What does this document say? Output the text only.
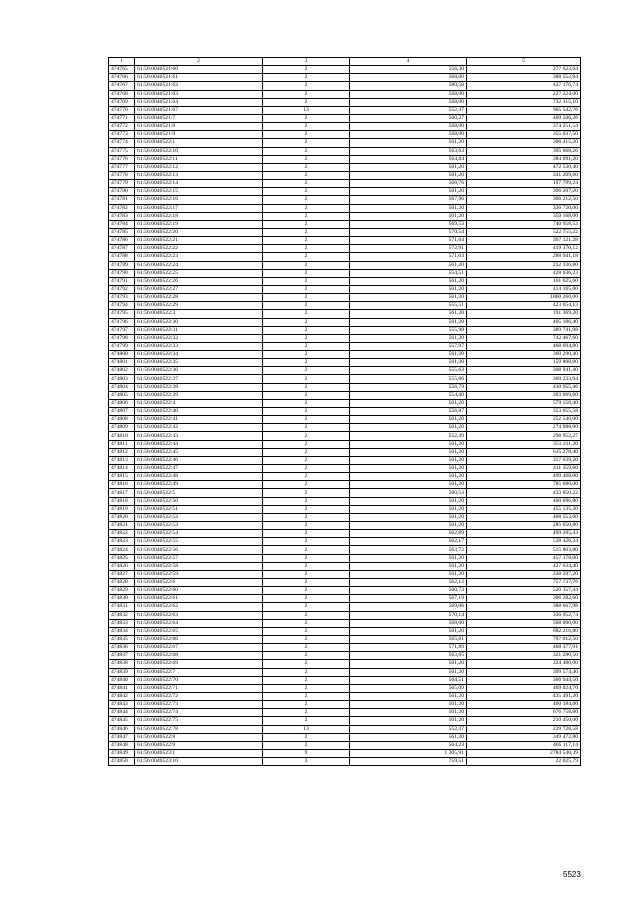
1	2	3	4	5
474765	61:56:0040521:60	2	556,30	277 623,64
474766	61:56:0040521:61	2	568,00	388 552,84
474767	61:56:0040521:62	2	580,58	437 176,74
474768	61:56:0040521:63	2	568,00	227 224,00
474769	61:56:0040521:64	2	568,00	732 315,10
474770	61:56:0040521:67	13	552,37	965 542,76
474771	61:56:0040521:7	2	560,27	469 506,26
474772	61:56:0040521:8	2	568,00	374 251,54
474773	61:56:0040521:9	2	568,00	355 037,50
474774	61:56:0040522:1	2	561,20	306 415,20
474775	61:56:0040522:10	2	563,63	395 668,26
474776	61:56:0040522:11	2	564,84	384 091,20
474777	61:56:0040522:12	2	561,20	472 530,40
474778	61:56:0040522:13	2	561,20	341 209,60
474779	61:56:0040522:14	2	566,76	197 799,24
474780	61:56:0040522:15	2	561,20	396 207,20
474781	61:56:0040522:16	2	567,96	366 212,50
474782	61:56:0040522:17	2	561,20	336 720,00
474783	61:56:0040522:18	2	561,20	359 168,00
474784	61:56:0040522:19	2	569,53	740 958,53
474785	61:56:0040522:20	2	570,54	522 755,22
474786	61:56:0040522:21	2	571,64	367 121,28
474787	61:56:0040522:22	2	572,91	419 370,12
474788	61:56:0040522:23	2	571,03	288 941,18
474789	61:56:0040522:24	2	561,20	232 336,80
474790	61:56:0040522:25	2	554,51	428 636,23
474791	61:56:0040522:26	2	561,20	161 625,60
474792	61:56:0040522:27	2	561,20	414 165,60
474793	61:56:0040522:28	2	561,20	1060 260,00
474794	61:56:0040522:29	2	555,51	423 654,13
474795	61:56:0040522:3	2	561,20	191 369,20
474796	61:56:0040522:30	2	561,20	405 186,40
474797	61:56:0040522:31	2	555,98	389 741,98
474798	61:56:0040522:32	2	561,20	742 467,60
474799	61:56:0040522:33	2	557,97	468 694,80
474800	61:56:0040522:34	2	561,20	360 290,40
474801	61:56:0040522:35	2	561,20	159 808,00
474802	61:56:0040522:36	2	555,63	308 941,40
474803	61:56:0040522:37	2	555,06	360 233,94
474804	61:56:0040522:38	2	556,79	430 955,46
474805	61:56:0040522:39	2	554,40	393 069,60
474806	61:56:0040522:4	2	561,20	579 158,40
474807	61:56:0040522:40	2	556,87	353 055,58
474808	61:56:0040522:41	2	561,20	252 540,00
474809	61:56:0040522:42	2	561,20	274 988,00
474810	61:56:0040522:43	2	552,49	298 952,27
474811	61:56:0040522:44	2	561,20	351 311,20
474812	61:56:0040522:45	2	561,20	635 278,40
474813	61:56:0040522:46	2	561,20	317 639,20
474814	61:56:0040522:47	2	561,20	411 359,60
474815	61:56:0040522:48	2	561,20	499 468,00
474816	61:56:0040522:49	2	561,20	785 680,00
474817	61:56:0040522:5	2	560,53	433 850,22
474818	61:56:0040522:50	2	561,20	400 696,80
474819	61:56:0040522:51	2	561,20	455 135,20
474820	61:56:0040522:52	2	561,20	408 553,60
474821	61:56:0040522:53	2	561,20	285 650,80
474822	61:56:0040522:54	2	562,89	499 285,43
474823	61:56:0040522:55	2	562,17	538 426,34
474824	61:56:0040522:56	2	563,72	515 803,80
474825	61:56:0040522:57	2	561,20	457 378,00
474826	61:56:0040522:58	2	561,20	427 634,40
474827	61:56:0040522:59	2	561,20	338 297,20
474828	61:56:0040522:6	2	562,12	757 737,76
474829	61:56:0040522:60	2	560,73	520 357,44
474830	61:56:0040522:61	2	567,19	306 282,60
474831	61:56:0040522:62	2	569,06	388 667,98
474832	61:56:0040522:63	2	570,14	336 952,74
474833	61:56:0040522:64	2	568,00	568 000,00
474834	61:56:0040522:65	2	561,20	682 216,80
474835	61:56:0040522:66	2	565,61	707 012,50
474836	61:56:0040522:67	2	571,89	468 377,91
474837	61:56:0040522:68	2	563,65	321 280,50
474838	61:56:0040522:69	2	561,20	224 480,00
474839	61:56:0040522:7	2	561,20	399 574,40
474840	61:56:0040522:70	2	564,51	366 944,50
474841	61:56:0040522:71	2	565,09	469 024,70
474842	61:56:0040522:72	2	561,20	435 491,20
474843	61:56:0040522:73	2	561,20	460 184,00
474844	61:56:0040522:74	2	561,20	676 758,80
474845	61:56:0040522:75	2	561,20	210 450,00
474846	61:56:0040522:78	13	552,37	239 728,58
474847	61:56:0040522:8	2	561,20	349 472,80
474848	61:56:0040522:9	2	564,23	405 117,14
474849	61:56:0040523:1	9	1 305,91	2784 540,39
474850	61:56:0040523:10	3	759,51	22 025,79
5523
